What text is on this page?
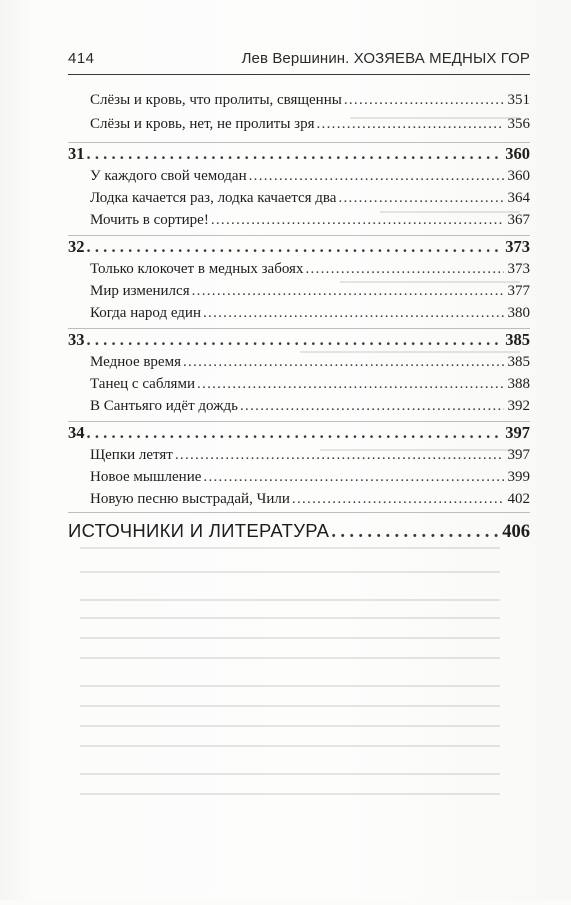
414	Лев Вершинин. ХОЗЯЕВА МЕДНЫХ ГОР
Слёзы и кровь, что пролиты, священны .....	351
Слёзы и кровь, нет, не пролиты зря .....	356
31 .....	360
У каждого свой чемодан .....	360
Лодка качается раз, лодка качается два .....	364
Мочить в сортире! .....	367
32 .....	373
Только клокочет в медных забоях .....	373
Мир изменился .....	377
Когда народ един .....	380
33 .....	385
Медное время .....	385
Танец с саблями .....	388
В Сантьяго идёт дождь .....	392
34 .....	397
Щепки летят .....	397
Новое мышление .....	399
Новую песню выстрадай, Чили .....	402
ИСТОЧНИКИ И ЛИТЕРАТУРА .....	406
